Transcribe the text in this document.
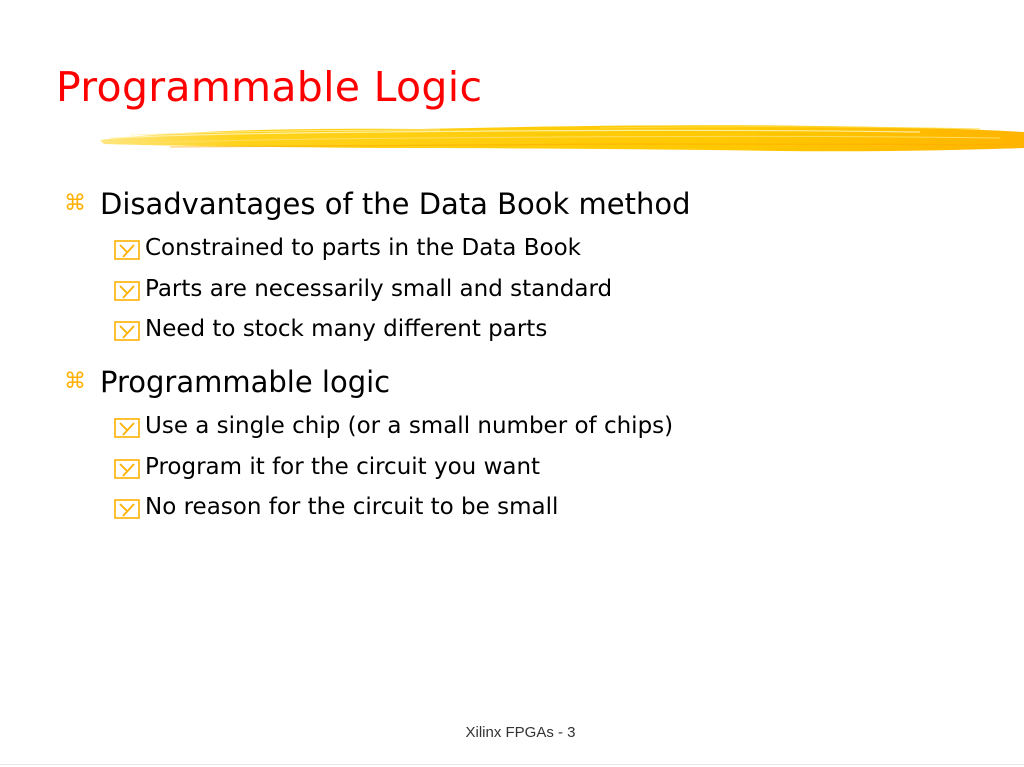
Programmable Logic
⌘ Disadvantages of the Data Book method
Constrained to parts in the Data Book
Parts are necessarily small and standard
Need to stock many different parts
⌘ Programmable logic
Use a single chip (or a small number of chips)
Program it for the circuit you want
No reason for the circuit to be small
Xilinx FPGAs - 3
